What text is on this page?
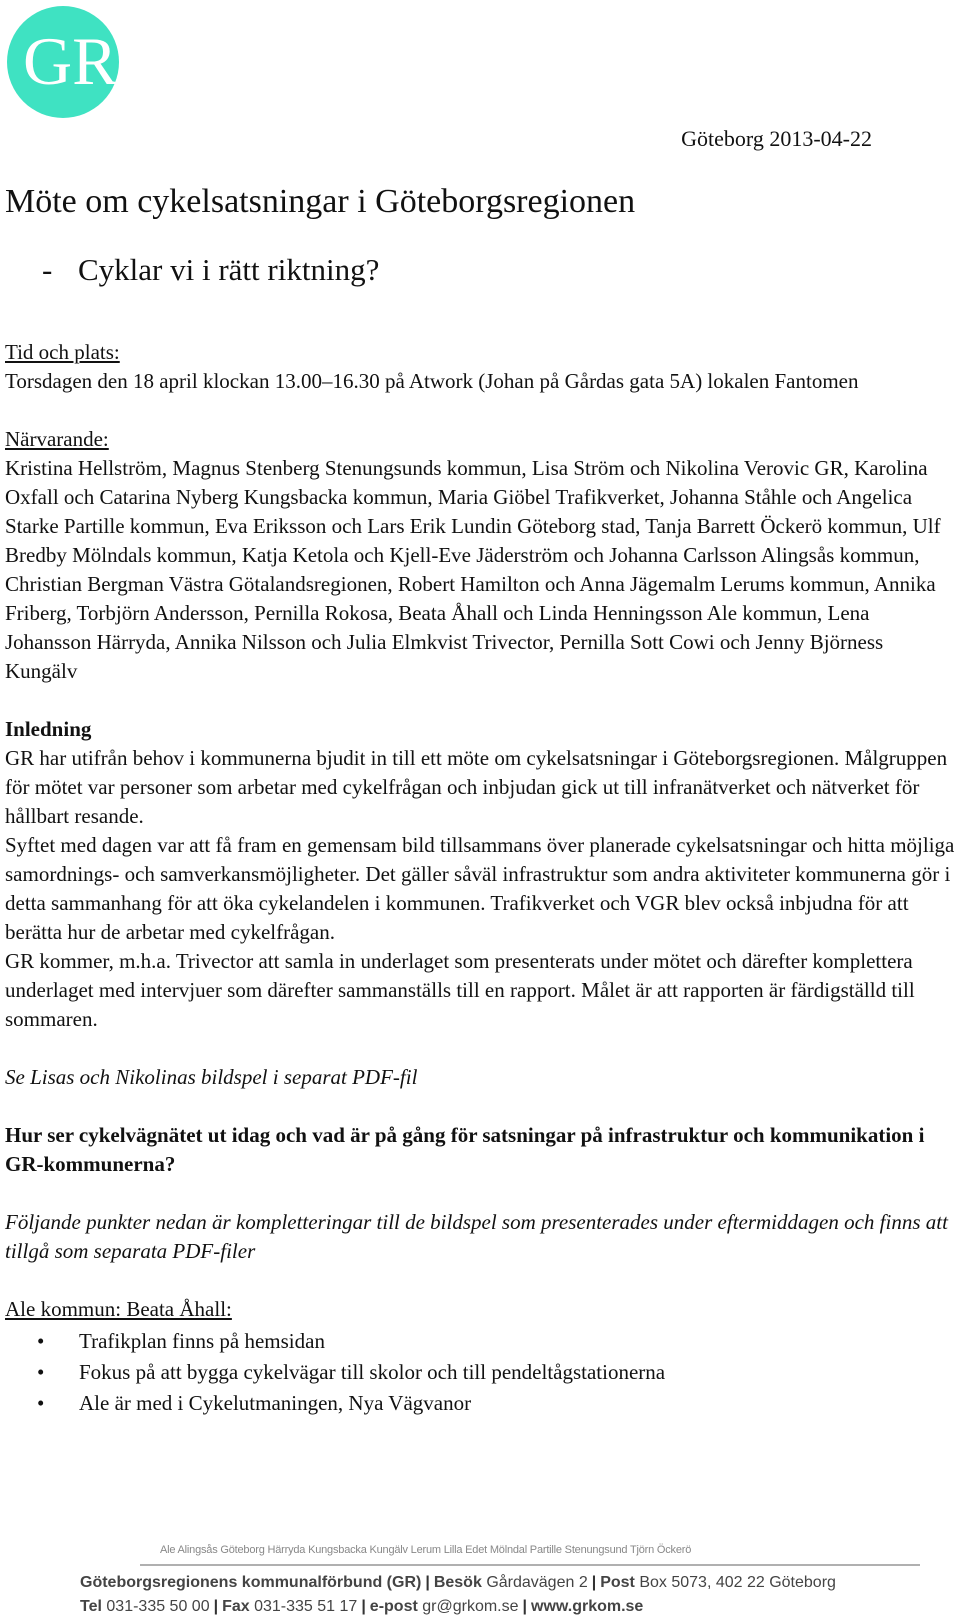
GR
Göteborg 2013-04-22
Möte om cykelsatsningar i Göteborgsregionen
- Cyklar vi i rätt riktning?
Tid och plats:

Torsdagen den 18 april klockan 13.00–16.30 på Atwork (Johan på Gårdas gata 5A) lokalen Fantomen

Närvarande:

Kristina Hellström, Magnus Stenberg Stenungsunds kommun, Lisa Ström och Nikolina Verovic GR, Karolina Oxfall och Catarina Nyberg Kungsbacka kommun, Maria Giöbel Trafikverket, Johanna Ståhle och Angelica Starke Partille kommun, Eva Eriksson och Lars Erik Lundin Göteborg stad, Tanja Barrett Öckerö kommun, Ulf Bredby Mölndals kommun, Katja Ketola och Kjell-Eve Jäderström och Johanna Carlsson Alingsås kommun, Christian Bergman Västra Götalandsregionen, Robert Hamilton och Anna Jägemalm Lerums kommun, Annika Friberg, Torbjörn Andersson, Pernilla Rokosa, Beata Åhall och Linda Henningsson Ale kommun, Lena Johansson Härryda, Annika Nilsson och Julia Elmkvist Trivector, Pernilla Sott Cowi och Jenny Björness Kungälv

Inledning

GR har utifrån behov i kommunerna bjudit in till ett möte om cykelsatsningar i Göteborgsregionen. Målgruppen för mötet var personer som arbetar med cykelfrågan och inbjudan gick ut till infranätverket och nätverket för hållbart resande.

Syftet med dagen var att få fram en gemensam bild tillsammans över planerade cykelsatsningar och hitta möjliga samordnings- och samverkansmöjligheter. Det gäller såväl infrastruktur som andra aktiviteter kommunerna gör i detta sammanhang för att öka cykelandelen i kommunen. Trafikverket och VGR blev också inbjudna för att berätta hur de arbetar med cykelfrågan.

GR kommer, m.h.a. Trivector att samla in underlaget som presenterats under mötet och därefter komplettera underlaget med intervjuer som därefter sammanställs till en rapport. Målet är att rapporten är färdigställd till sommaren.

Se Lisas och Nikolinas bildspel i separat PDF-fil

Hur ser cykelvägnätet ut idag och vad är på gång för satsningar på infrastruktur och kommunikation i GR-kommunerna?

Följande punkter nedan är kompletteringar till de bildspel som presenterades under eftermiddagen och finns att tillgå som separata PDF-filer

Ale kommun: Beata Åhall:
•	Trafikplan finns på hemsidan
•	Fokus på att bygga cykelvägar till skolor och till pendeltågstationerna
•	Ale är med i Cykelutmaningen, Nya Vägvanor
Ale Alingsås Göteborg Härryda Kungsbacka Kungälv Lerum Lilla Edet Mölndal Partille Stenungsund Tjörn Öckerö
Göteborgsregionens kommunalförbund (GR) | Besök Gårdavägen 2 | Post Box 5073, 402 22 Göteborg
Tel 031-335 50 00 | Fax 031-335 51 17 | e-post gr@grkom.se | www.grkom.se
